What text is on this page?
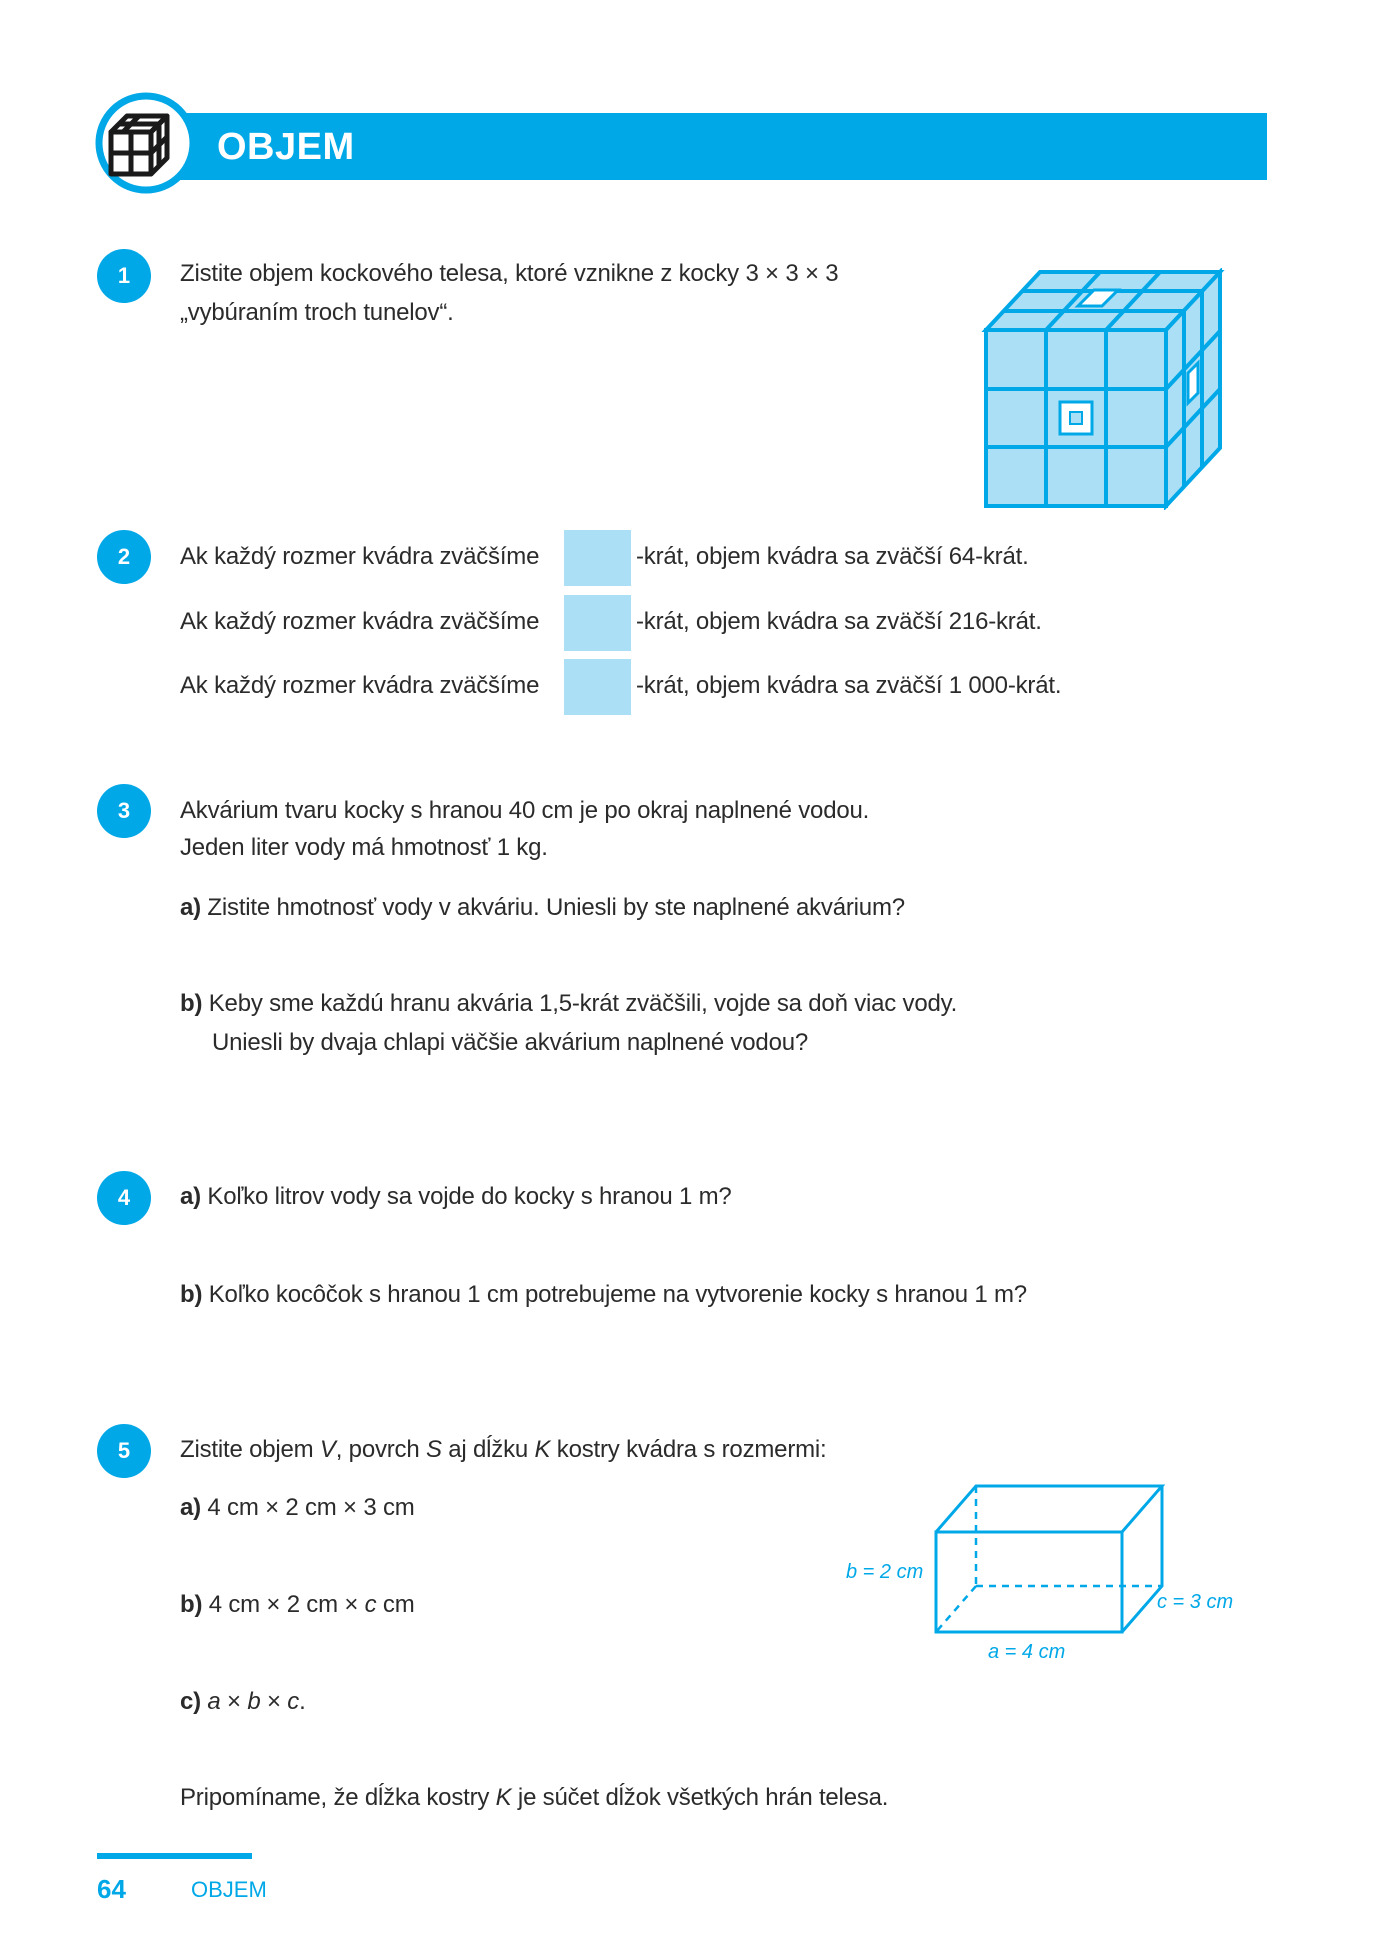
OBJEM
1	Zistite objem kockového telesa, ktoré vznikne z kocky 3 × 3 × 3
„vybúraním troch tunelov“.
2	Ak každý rozmer kvádra zväčšíme	-krát, objem kvádra sa zväčší 64-krát.
Ak každý rozmer kvádra zväčšíme	-krát, objem kvádra sa zväčší 216-krát.
Ak každý rozmer kvádra zväčšíme	-krát, objem kvádra sa zväčší 1 000-krát.
3	Akvárium tvaru kocky s hranou 40 cm je po okraj naplnené vodou.
Jeden liter vody má hmotnosť 1 kg.
a) Zistite hmotnosť vody v akváriu. Uniesli by ste naplnené akvárium?
b) Keby sme každú hranu akvária 1,5-krát zväčšili, vojde sa doň viac vody.
Uniesli by dvaja chlapi väčšie akvárium naplnené vodou?
4	a) Koľko litrov vody sa vojde do kocky s hranou 1 m?
b) Koľko kocôčok s hranou 1 cm potrebujeme na vytvorenie kocky s hranou 1 m?
5	Zistite objem V, povrch S aj dĺžku K kostry kvádra s rozmermi:
a) 4 cm × 2 cm × 3 cm
b) 4 cm × 2 cm × c cm
c) a × b × c.
Pripomíname, že dĺžka kostry K je súčet dĺžok všetkých hrán telesa.
b = 2 cm
c = 3 cm
a = 4 cm
64	OBJEM
